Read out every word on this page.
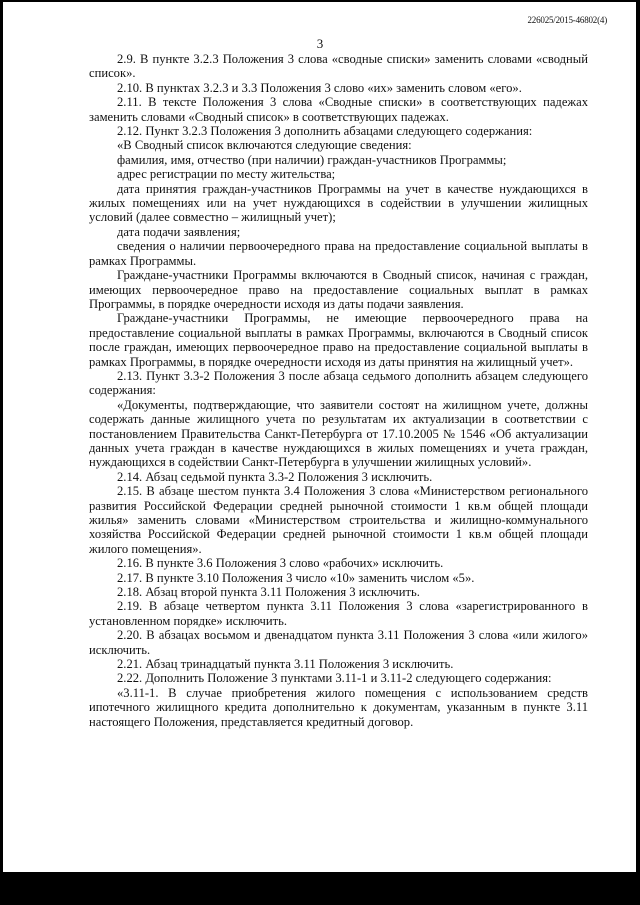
226025/2015-46802(4)
3

2.9. В пункте 3.2.3 Положения 3 слова «сводные списки» заменить словами «сводный список».

2.10. В пунктах 3.2.3 и 3.3 Положения 3 слово «их» заменить словом «его».

2.11. В тексте Положения 3 слова «Сводные списки» в соответствующих падежах заменить словами «Сводный список» в соответствующих падежах.

2.12. Пункт 3.2.3 Положения 3 дополнить абзацами следующего содержания:

«В Сводный список включаются следующие сведения:

фамилия, имя, отчество (при наличии) граждан-участников Программы;

адрес регистрации по месту жительства;

дата принятия граждан-участников Программы на учет в качестве нуждающихся в жилых помещениях или на учет нуждающихся в содействии в улучшении жилищных условий (далее совместно – жилищный учет);

дата подачи заявления;

сведения о наличии первоочередного права на предоставление социальной выплаты в рамках Программы.

Граждане-участники Программы включаются в Сводный список, начиная с граждан, имеющих первоочередное право на предоставление социальных выплат в рамках Программы, в порядке очередности исходя из даты подачи заявления.

Граждане-участники Программы, не имеющие первоочередного права на предоставление социальной выплаты в рамках Программы, включаются в Сводный список после граждан, имеющих первоочередное право на предоставление социальной выплаты в рамках Программы, в порядке очередности исходя из даты принятия на жилищный учет».

2.13. Пункт 3.3-2 Положения 3 после абзаца седьмого дополнить абзацем следующего содержания:

«Документы, подтверждающие, что заявители состоят на жилищном учете, должны содержать данные жилищного учета по результатам их актуализации в соответствии с постановлением Правительства Санкт-Петербурга от 17.10.2005 № 1546 «Об актуализации данных учета граждан в качестве нуждающихся в жилых помещениях и учета граждан, нуждающихся в содействии Санкт-Петербурга в улучшении жилищных условий».

2.14. Абзац седьмой пункта 3.3-2 Положения 3 исключить.

2.15. В абзаце шестом пункта 3.4 Положения 3 слова «Министерством регионального развития Российской Федерации средней рыночной стоимости 1 кв.м общей площади жилья» заменить словами «Министерством строительства и жилищно-коммунального хозяйства Российской Федерации средней рыночной стоимости 1 кв.м общей площади жилого помещения».

2.16. В пункте 3.6 Положения 3 слово «рабочих» исключить.

2.17. В пункте 3.10 Положения 3 число «10» заменить числом «5».

2.18. Абзац второй пункта 3.11 Положения 3 исключить.

2.19. В абзаце четвертом пункта 3.11 Положения 3 слова «зарегистрированного в установленном порядке» исключить.

2.20. В абзацах восьмом и двенадцатом пункта 3.11 Положения 3 слова «или жилого» исключить.

2.21. Абзац тринадцатый пункта 3.11 Положения 3 исключить.

2.22. Дополнить Положение 3 пунктами 3.11-1 и 3.11-2 следующего содержания:

«3.11-1. В случае приобретения жилого помещения с использованием средств ипотечного жилищного кредита дополнительно к документам, указанным в пункте 3.11 настоящего Положения, представляется кредитный договор.
